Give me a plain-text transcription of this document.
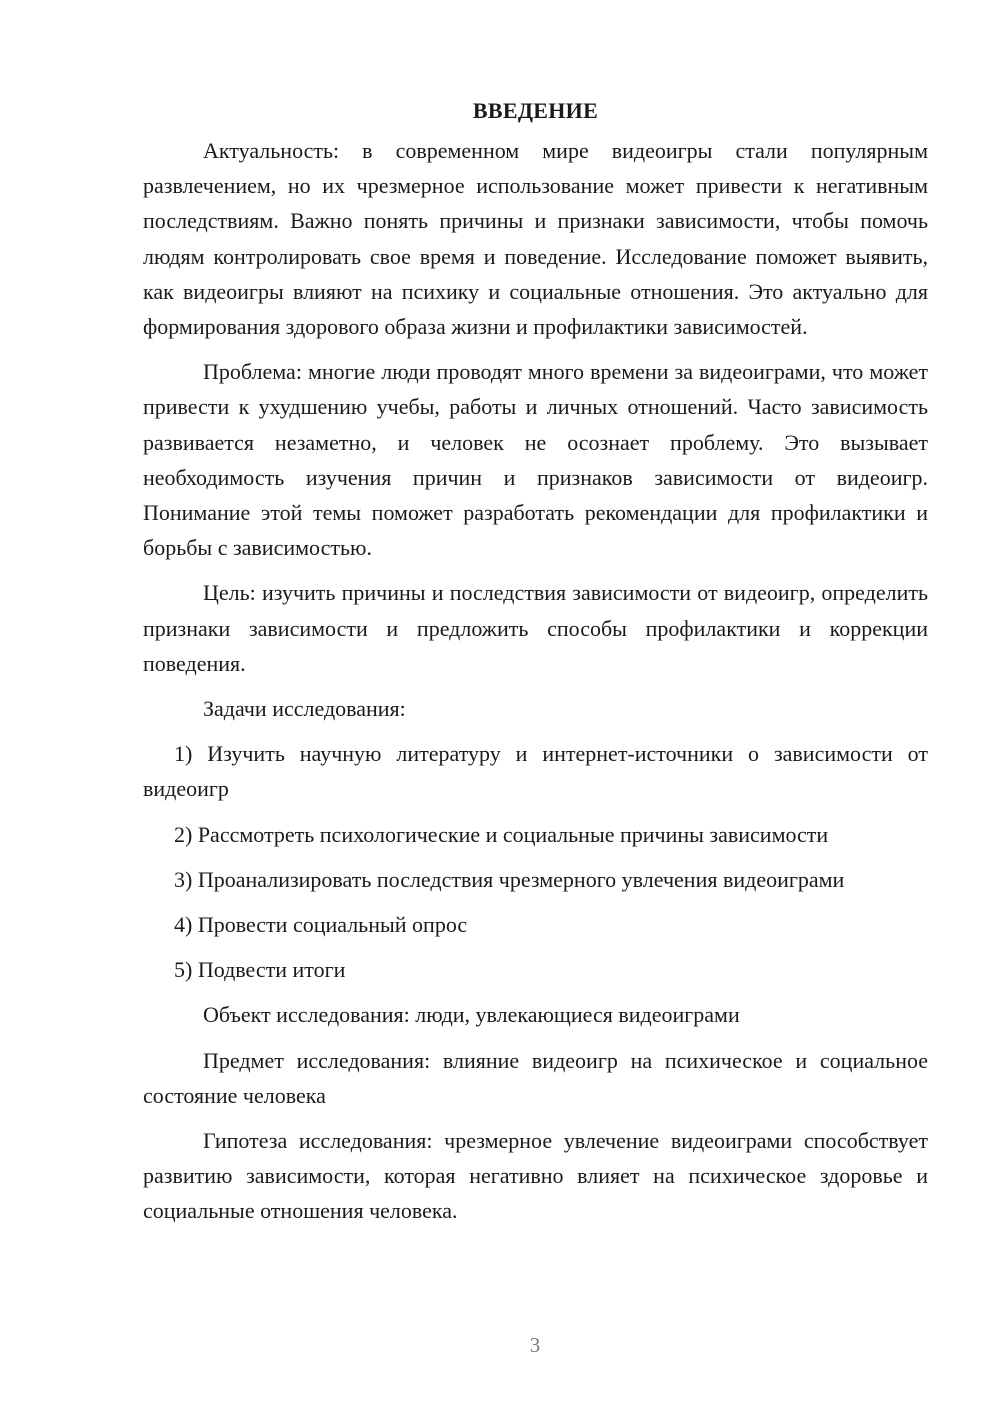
ВВЕДЕНИЕ

Актуальность: в современном мире видеоигры стали популярным развлечением, но их чрезмерное использование может привести к негативным последствиям. Важно понять причины и признаки зависимости, чтобы помочь людям контролировать свое время и поведение. Исследование поможет выявить, как видеоигры влияют на психику и социальные отношения. Это актуально для формирования здорового образа жизни и профилактики зависимостей.

Проблема: многие люди проводят много времени за видеоиграми, что может привести к ухудшению учебы, работы и личных отношений. Часто зависимость развивается незаметно, и человек не осознает проблему. Это вызывает необходимость изучения причин и признаков зависимости от видеоигр. Понимание этой темы поможет разработать рекомендации для профилактики и борьбы с зависимостью.

Цель: изучить причины и последствия зависимости от видеоигр, определить признаки зависимости и предложить способы профилактики и коррекции поведения.

Задачи исследования:

1) Изучить научную литературу и интернет-источники о зависимости от видеоигр

2) Рассмотреть психологические и социальные причины зависимости

3) Проанализировать последствия чрезмерного увлечения видеоиграми

4) Провести социальный опрос

5) Подвести итоги

Объект исследования: люди, увлекающиеся видеоиграми

Предмет исследования: влияние видеоигр на психическое и социальное состояние человека

Гипотеза исследования: чрезмерное увлечение видеоиграми способствует развитию зависимости, которая негативно влияет на психическое здоровье и социальные отношения человека.

3
